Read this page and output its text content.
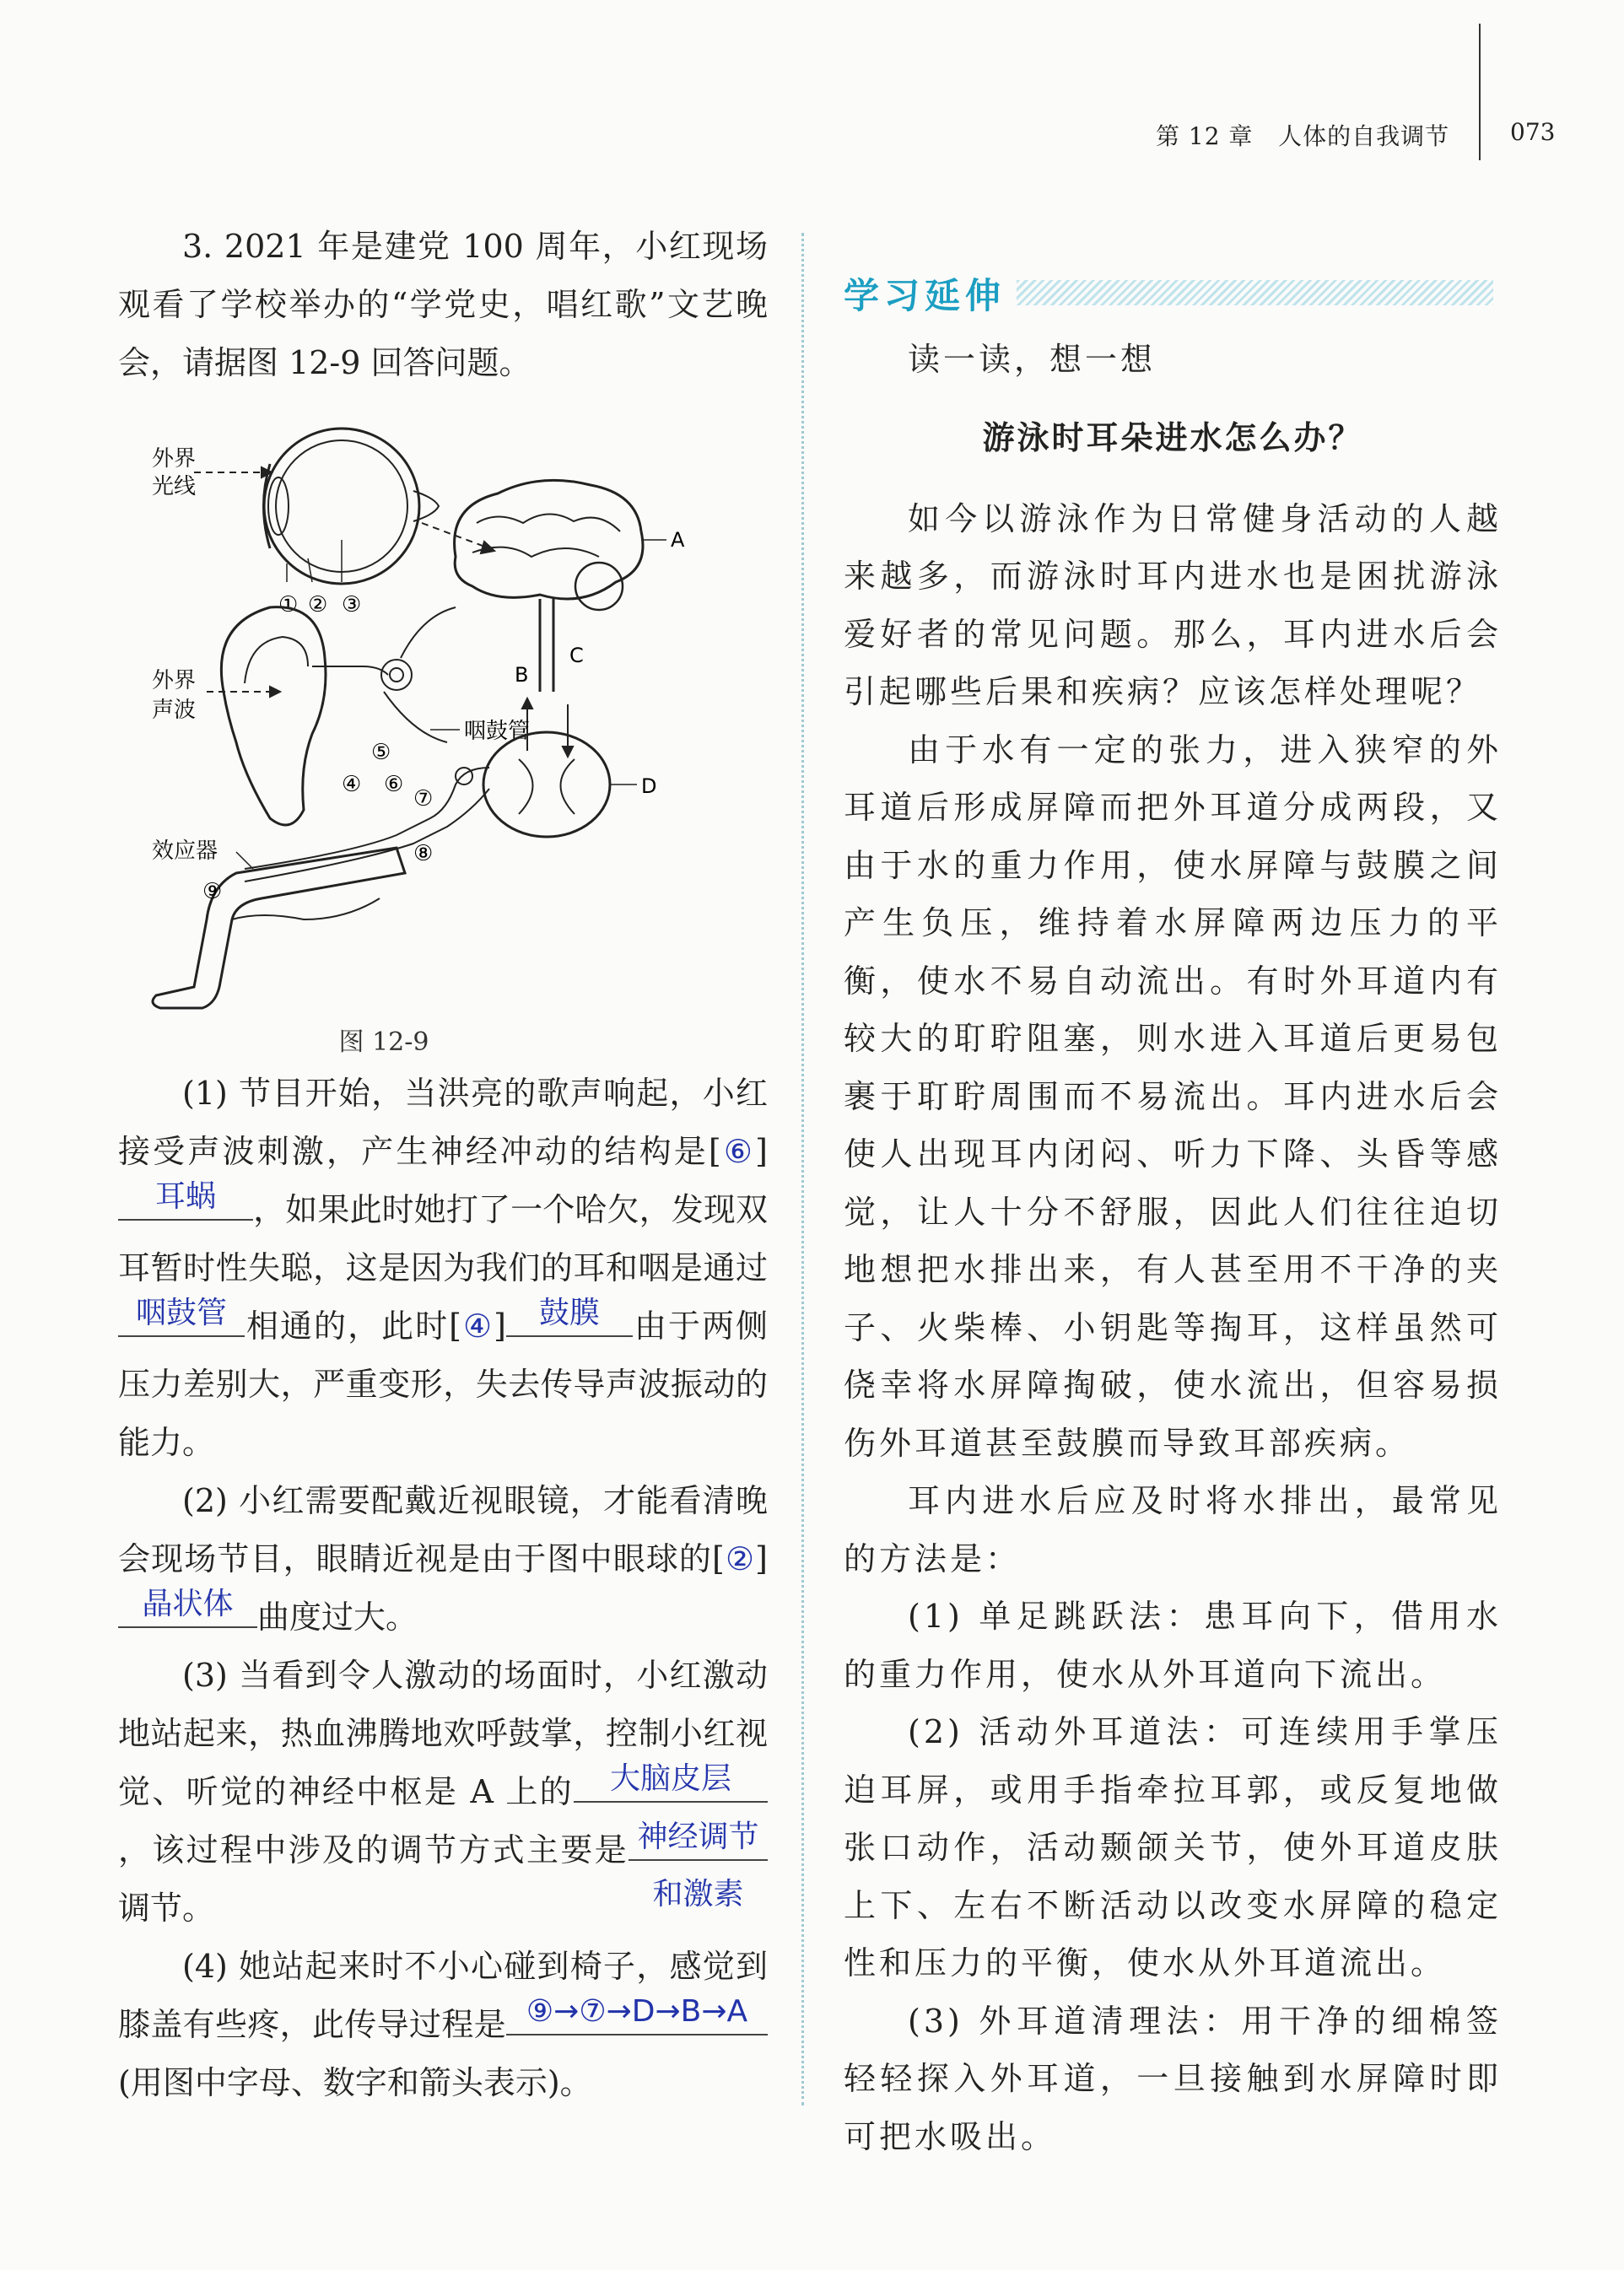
第 12 章 人体的自我调节	073

3. 2021 年是建党 100 周年，小红现场观看了学校举办的“学党史，唱红歌”文艺晚会，请据图 12-9 回答问题。

外界
光线
① ② ③
A
B
C
外界
声波
咽鼓管
⑤
④ ⑥	D
⑦
⑧
效应器
⑨
图 12-9

(1) 节目开始，当洪亮的歌声响起，小红接受声波刺激，产生神经冲动的结构是[⑥]
耳蜗	，如果此时她打了一个哈欠，发现双耳暂时性失聪，这是因为我们的耳和咽是通过
咽鼓管 相通的，此时[④]	鼓膜	由于两侧压力差别大，严重变形，失去传导声波振动的能力。

(2) 小红需要配戴近视眼镜，才能看清晚会现场节目，眼睛近视是由于图中眼球的[②]
晶状体 曲度过大。

(3) 当看到令人激动的场面时，小红激动地站起来，热血沸腾地欢呼鼓掌，控制小红视觉、听觉的神经中枢是 A 上的	大脑皮层
，该过程中涉及的调节方式主要是 神经调节
和激素
调节。

(4) 她站起来时不小心碰到椅子，感觉到膝盖有些疼，此传导过程是 ⑨→⑦→D→B→A
(用图中字母、数字和箭头表示)。

学习延伸

读一读，想一想

游泳时耳朵进水怎么办？

如今以游泳作为日常健身活动的人越来越多，而游泳时耳内进水也是困扰游泳爱好者的常见问题。那么，耳内进水后会引起哪些后果和疾病？应该怎样处理呢？

由于水有一定的张力，进入狭窄的外耳道后形成屏障而把外耳道分成两段，又由于水的重力作用，使水屏障与鼓膜之间产生负压，维持着水屏障两边压力的平衡，使水不易自动流出。有时外耳道内有较大的耵聍阻塞，则水进入耳道后更易包裹于耵聍周围而不易流出。耳内进水后会使人出现耳内闭闷、听力下降、头昏等感觉，让人十分不舒服，因此人们往往迫切地想把水排出来，有人甚至用不干净的夹子、火柴棒、小钥匙等掏耳，这样虽然可侥幸将水屏障掏破，使水流出，但容易损伤外耳道甚至鼓膜而导致耳部疾病。

耳内进水后应及时将水排出，最常见的方法是：

(1) 单足跳跃法：患耳向下，借用水的重力作用，使水从外耳道向下流出。

(2) 活动外耳道法：可连续用手掌压迫耳屏，或用手指牵拉耳郭，或反复地做张口动作，活动颞颌关节，使外耳道皮肤上下、左右不断活动以改变水屏障的稳定性和压力的平衡，使水从外耳道流出。

(3) 外耳道清理法：用干净的细棉签轻轻探入外耳道，一旦接触到水屏障时即可把水吸出。
